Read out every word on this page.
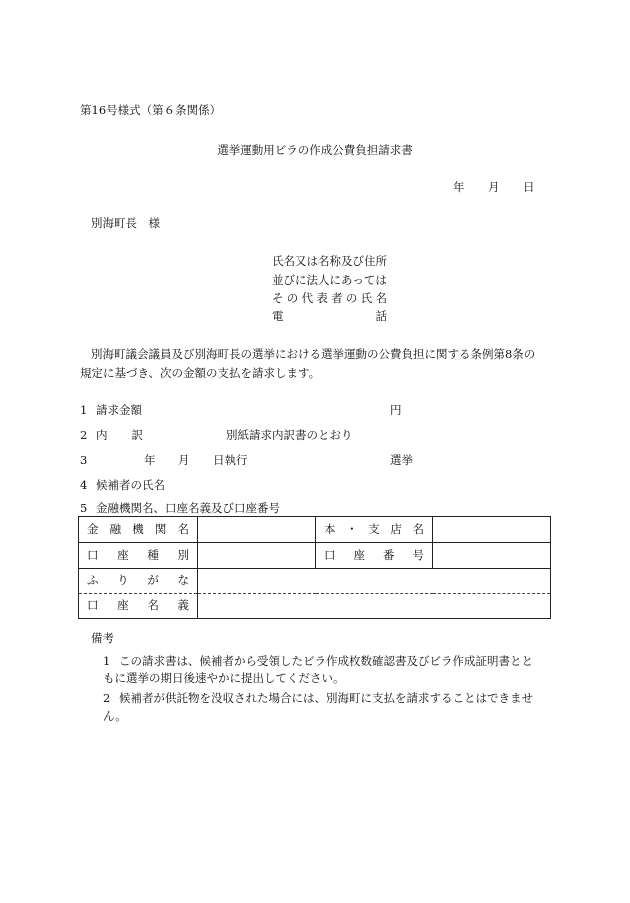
第16号様式（第６条関係）
選挙運動用ビラの作成公費負担請求書
年 月 日
別海町長　様
氏名又は名称及び住所
並びに法人にあっては
そ の 代 表 者 の 氏 名
電	話
別海町議会議員及び別海町長の選挙における選挙運動の公費負担に関する条例第8条の
規定に基づき、次の金額の支払を請求します。
1 請求金額	円
2 内 訳	別紙請求内訳書のとおり
3	年 月 日執行	選挙
4 候補者の氏名
5 金融機関名、口座名義及び口座番号
金 融 機 関 名		本 ・ 支 店 名	

口 座 種 別		口 座 番 号	

ふ り が な			

口 座 名 義			

備考
1 この請求書は、候補者から受領したビラ作成枚数確認書及びビラ作成証明書とと
もに選挙の期日後速やかに提出してください。
2 候補者が供託物を没収された場合には、別海町に支払を請求することはできませ
ん。
